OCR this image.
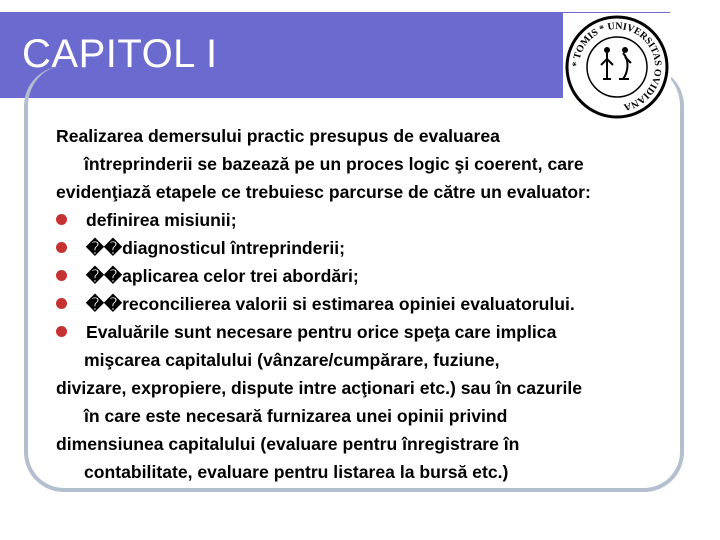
CAPITOL I	* TOMIS * UNIVERSITAS OVIDIANA
Realizarea demersului practic presupus de evaluarea
întreprinderii se bazează pe un proces logic şi coerent, care
evidenţiază etapele ce trebuiesc parcurse de către un evaluator:
definirea misiunii;
��diagnosticul întreprinderii;
��aplicarea celor trei abordări;
��reconcilierea valorii si estimarea opiniei evaluatorului.
Evaluările sunt necesare pentru orice speţa care implica
mişcarea capitalului (vânzare/cumpărare, fuziune,
divizare, expropiere, dispute intre acţionari etc.) sau în cazurile
în care este necesară furnizarea unei opinii privind
dimensiunea capitalului (evaluare pentru înregistrare în
contabilitate, evaluare pentru listarea la bursă etc.)
